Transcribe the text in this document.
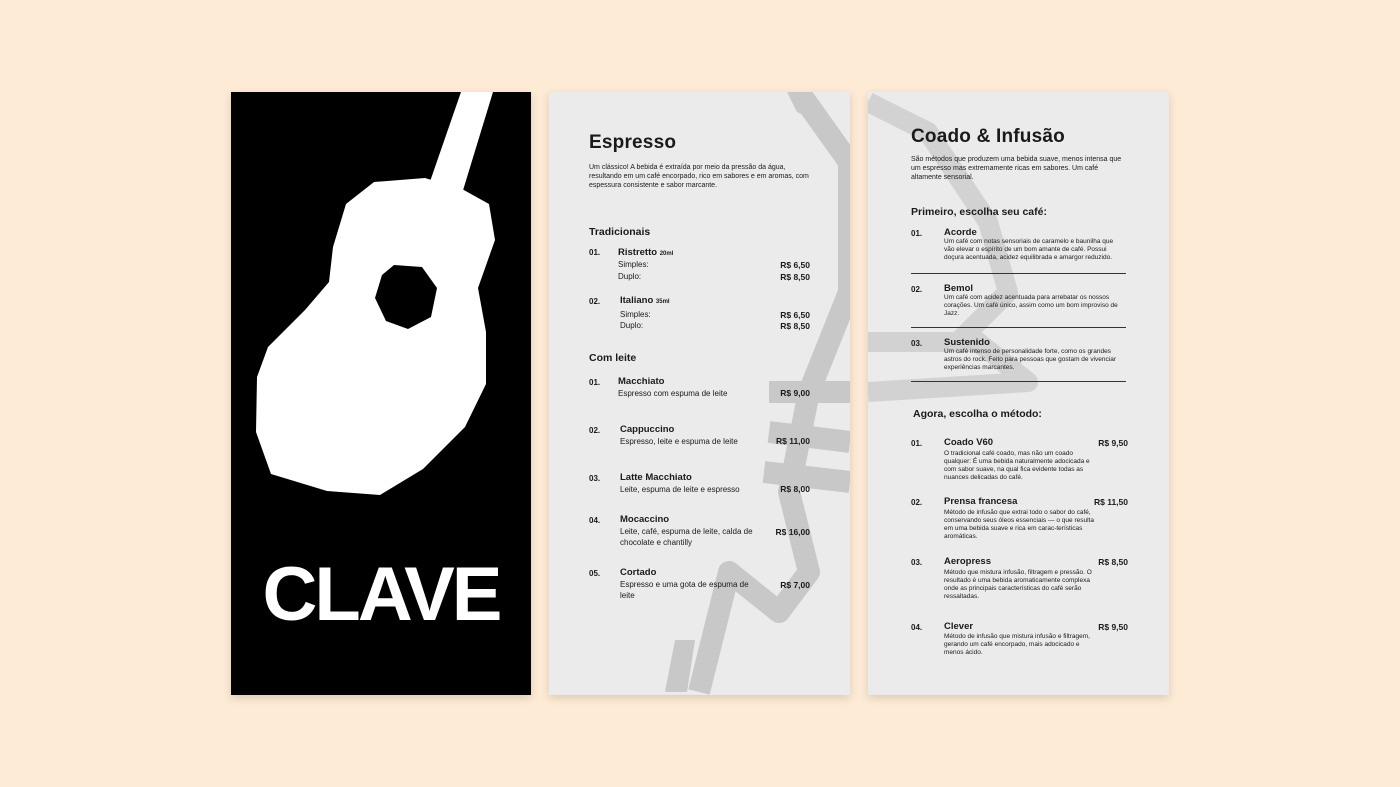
CLAVE
Espresso

Um clássico! A bebida é extraída por meio da pressão da água, resultando em um café encorpado, rico em sabores e em aromas, com espessura consistente e sabor marcante.

Tradicionais
01. Ristretto 20ml
Simples:	R$ 6,50
Duplo:	R$ 8,50
02. Italiano 35ml
Simples:	R$ 6,50
Duplo:	R$ 8,50
Com leite
01. Macchiato
Espresso com espuma de leite	R$ 9,00
02. Cappuccino
Espresso, leite e espuma de leite	R$ 11,00
03. Latte Macchiato
Leite, espuma de leite e espresso	R$ 8,00
04. Mocaccino
Leite, café, espuma de leite, calda de chocolate e chantilly
R$ 16,00
05. Cortado
Espresso e uma gota de espuma de leite
R$ 7,00
Coado & Infusão

São métodos que produzem uma bebida suave, menos intensa que um espresso mas extremamente ricas em sabores. Um café altamente sensorial.

Primeiro, escolha seu café:
01. Acorde
Um café com notas sensoriais de caramelo e baunilha que vão elevar o espírito de um bom amante de café. Possui doçura acentuada, acidez equilibrada e amargor reduzido.
02. Bemol
Um café com acidez acentuada para arrebatar os nossos corações. Um café único, assim como um bom improviso de Jazz.
03. Sustenido
Um café intenso de personalidade forte, como os grandes astros do rock. Feito para pessoas que gostam de vivenciar experiências marcantes.
Agora, escolha o método:
01. Coado V60	R$ 9,50
O tradicional café coado, mas não um coado qualquer: É uma bebida naturalmente adocicada e com sabor suave, na qual fica evidente todas as nuances delicadas do café.
02. Prensa francesa	R$ 11,50
Método de infusão que extrai todo o sabor do café, conservando seus óleos essenciais — o que resulta em uma bebida suave e rica em carac-terísticas aromáticas.
03. Aeropress	R$ 8,50
Método que mistura infusão, filtragem e pressão. O resultado é uma bebida aromaticamente complexa onde as principais características do café serão ressaltadas.
04. Clever	R$ 9,50
Método de infusão que mistura infusão e filtragem, gerando um café encorpado, mais adocicado e menos ácido.
